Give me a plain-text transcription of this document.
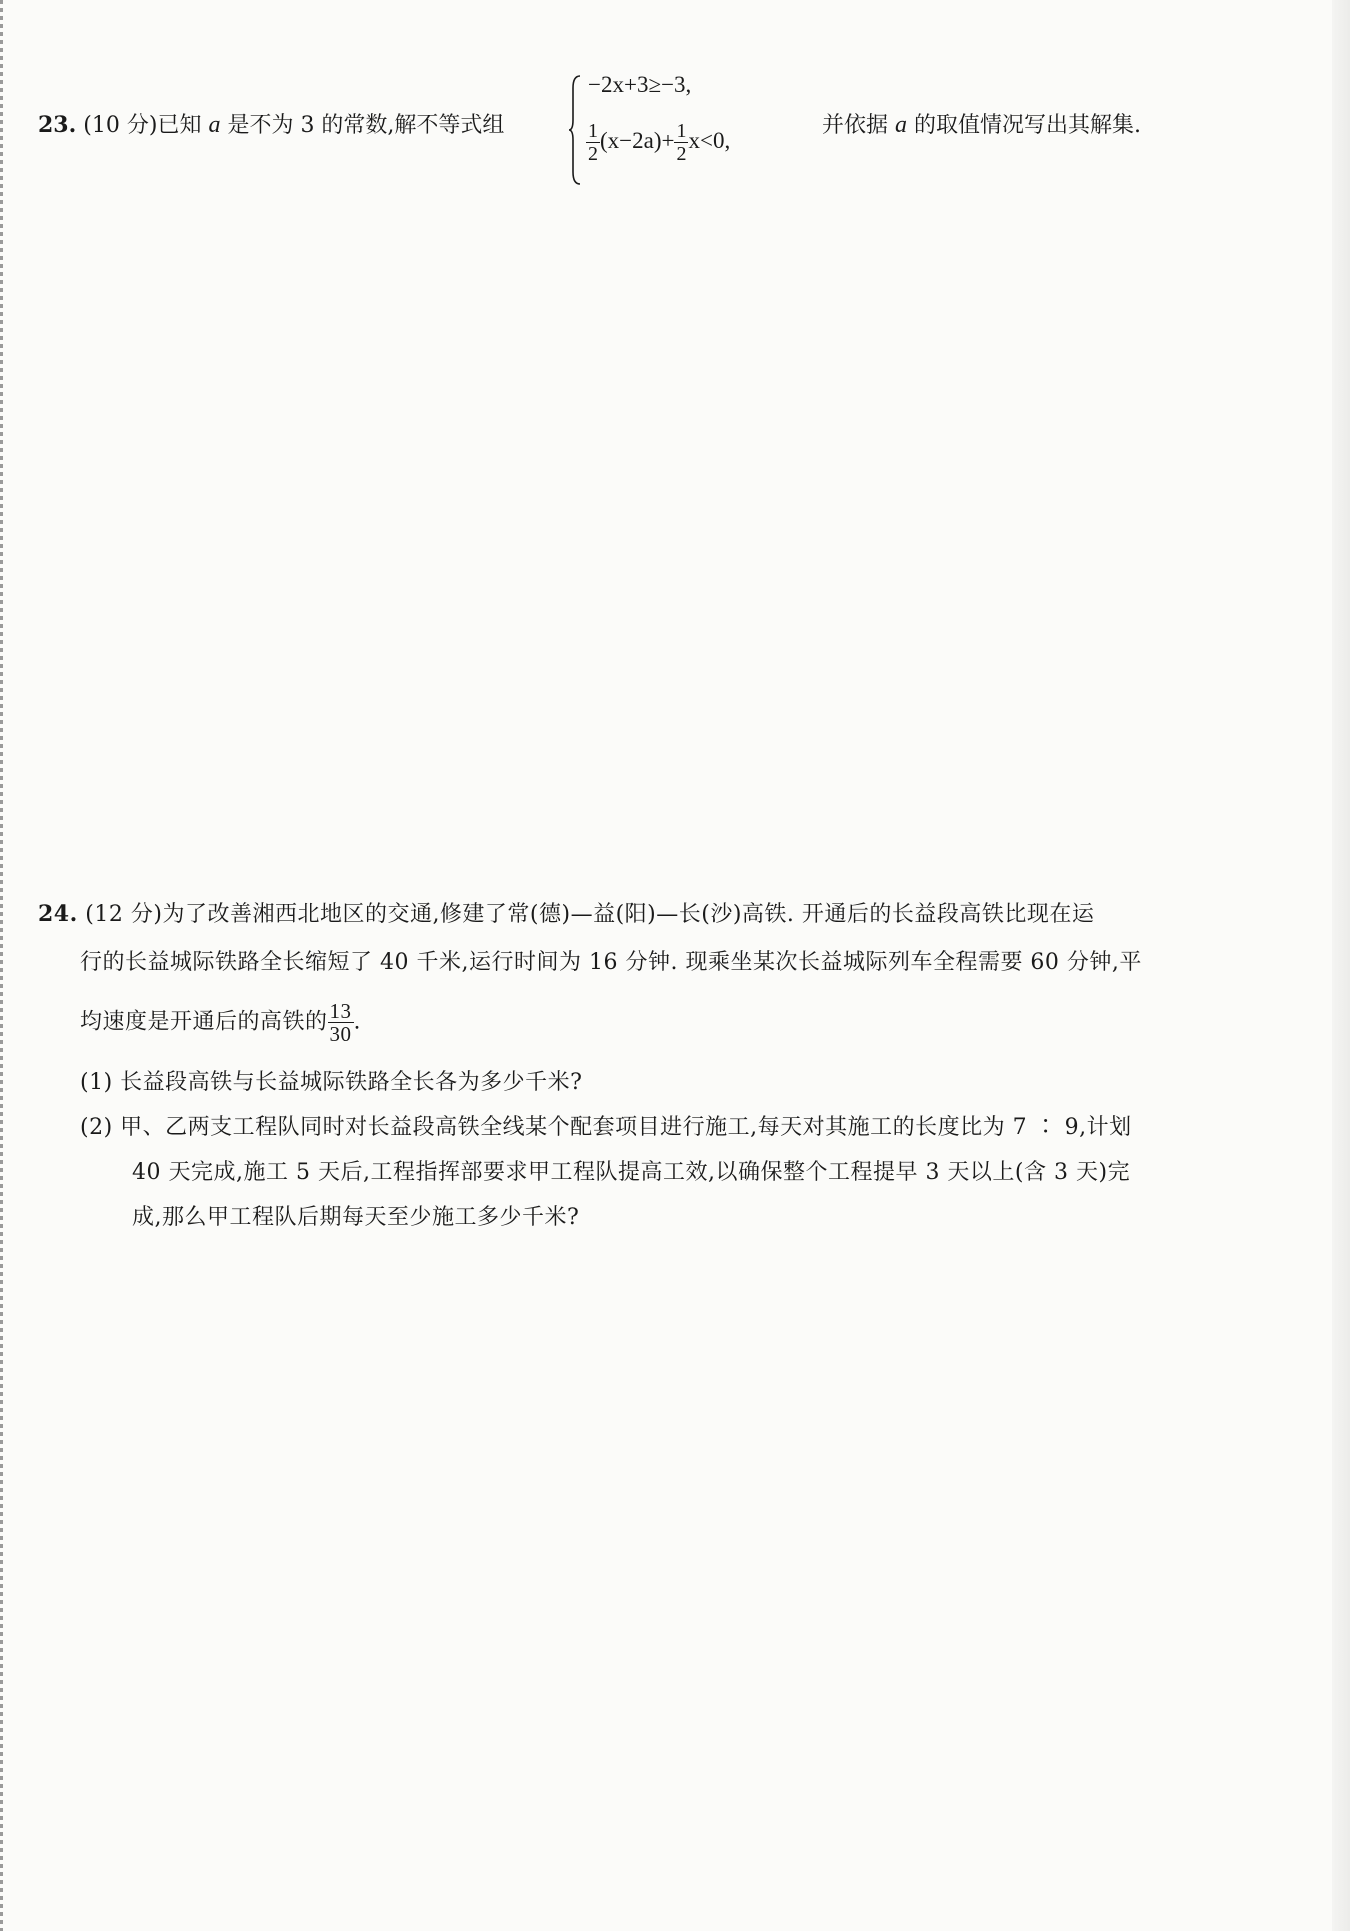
23. (10 分)已知 a 是不为 3 的常数,解不等式组
−2x+3≥−3,
$\frac{1}{2} (x-2a)+ \frac{1}{2} x<0$,
并依据 a 的取值情况写出其解集.
24. (12 分)为了改善湘西北地区的交通,修建了常(德)—益(阳)—长(沙)高铁. 开通后的长益段高铁比现在运
行的长益城际铁路全长缩短了 40 千米,运行时间为 16 分钟. 现乘坐某次长益城际列车全程需要 60 分钟,平
均速度是开通后的高铁的 $\frac{13}{30}$ .
(1) 长益段高铁与长益城际铁路全长各为多少千米?
(2) 甲、乙两支工程队同时对长益段高铁全线某个配套项目进行施工,每天对其施工的长度比为 7 ∶ 9,计划
40 天完成,施工 5 天后,工程指挥部要求甲工程队提高工效,以确保整个工程提早 3 天以上(含 3 天)完
成,那么甲工程队后期每天至少施工多少千米?
